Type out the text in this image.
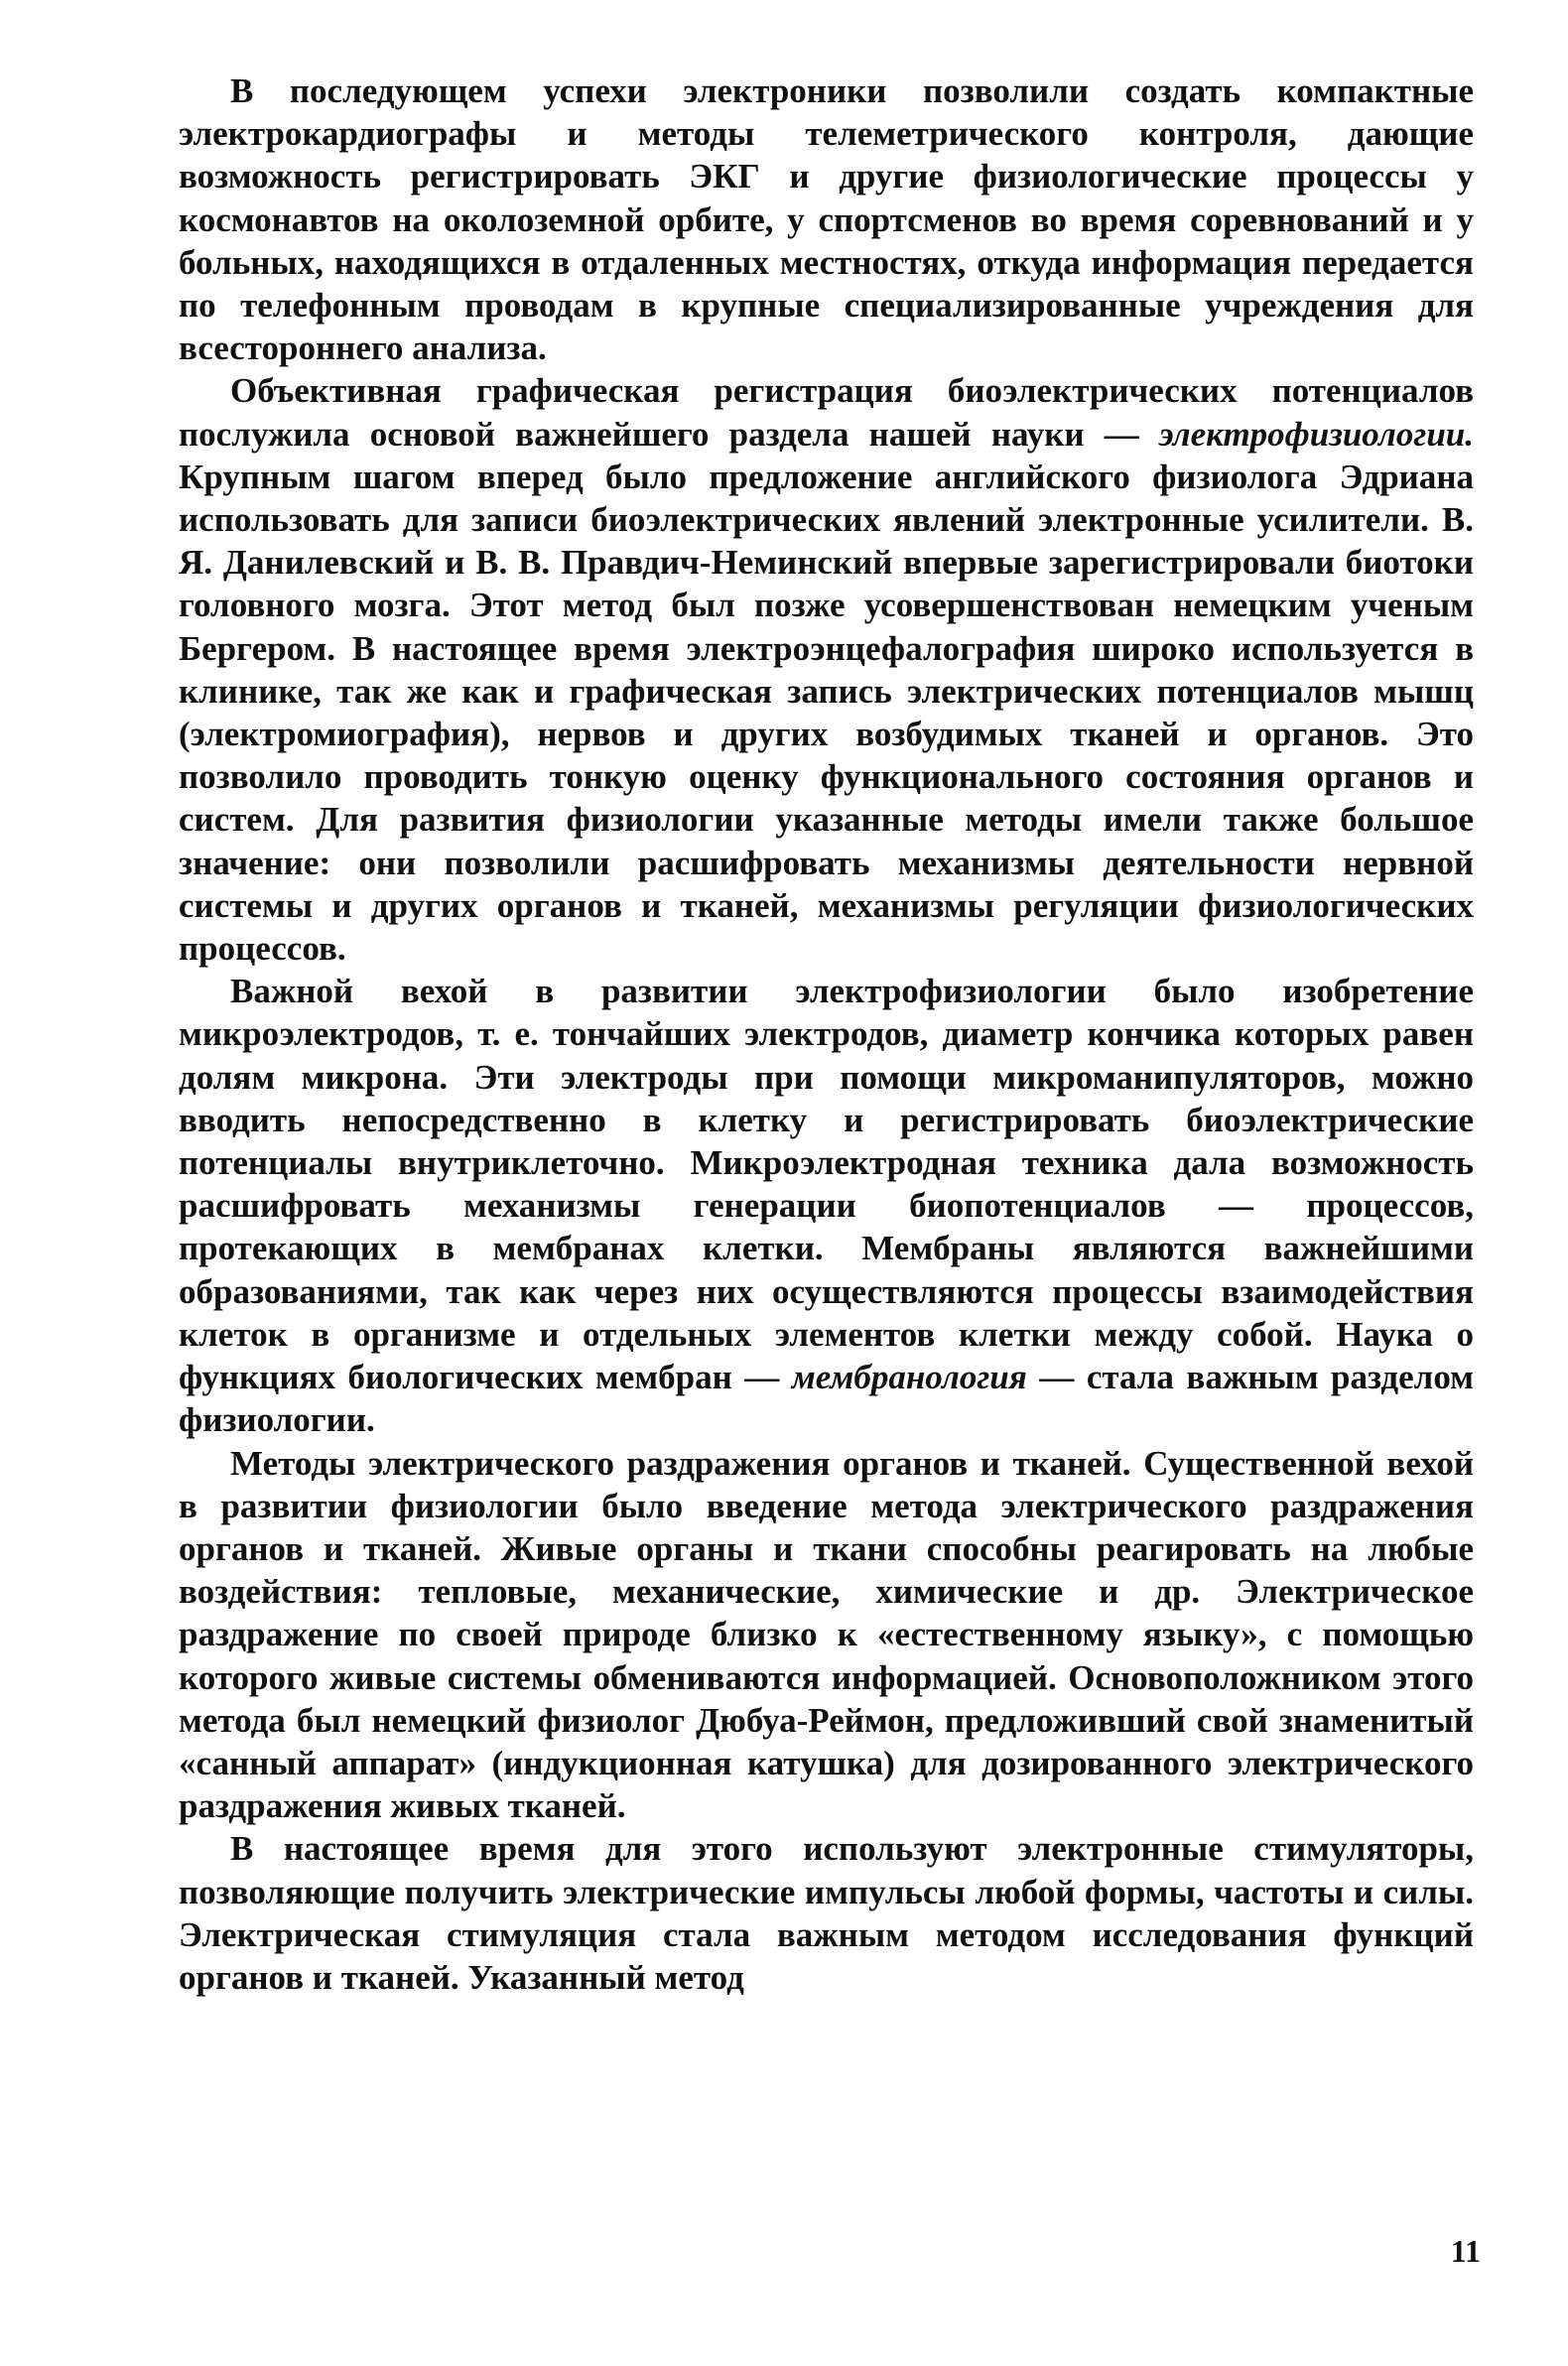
В последующем успехи электроники позволили создать компактные электрокардиографы и методы телеметрического контроля, дающие возможность регистрировать ЭКГ и другие физиологические процессы у космонавтов на околоземной орбите, у спортсменов во время соревнований и у больных, находящихся в отдаленных местностях, откуда информация передается по телефонным проводам в крупные специализированные учреждения для всестороннего анализа.

Объективная графическая регистрация биоэлектрических потенциалов послужила основой важнейшего раздела нашей науки — электрофизиологии. Крупным шагом вперед было предложение английского физиолога Эдриана использовать для записи биоэлектрических явлений электронные усилители. В. Я. Данилевский и В. В. Правдич-Неминский впервые зарегистрировали биотоки головного мозга. Этот метод был позже усовершенствован немецким ученым Бергером. В настоящее время электроэнцефалография широко используется в клинике, так же как и графическая запись электрических потенциалов мышц (электромиография), нервов и других возбудимых тканей и органов. Это позволило проводить тонкую оценку функционального состояния органов и систем. Для развития физиологии указанные методы имели также большое значение: они позволили расшифровать механизмы деятельности нервной системы и других органов и тканей, механизмы регуляции физиологических процессов.

Важной вехой в развитии электрофизиологии было изобретение микроэлектродов, т. е. тончайших электродов, диаметр кончика которых равен долям микрона. Эти электроды при помощи микроманипуляторов, можно вводить непосредственно в клетку и регистрировать биоэлектрические потенциалы внутриклеточно. Микроэлектродная техника дала возможность расшифровать механизмы генерации биопотенциалов — процессов, протекающих в мембранах клетки. Мембраны являются важнейшими образованиями, так как через них осуществляются процессы взаимодействия клеток в организме и отдельных элементов клетки между собой. Наука о функциях биологических мембран — мембранология — стала важным разделом физиологии.

Методы электрического раздражения органов и тканей. Существенной вехой в развитии физиологии было введение метода электрического раздражения органов и тканей. Живые органы и ткани способны реагировать на любые воздействия: тепловые, механические, химические и др. Электрическое раздражение по своей природе близко к «естественному языку», с помощью которого живые системы обмениваются информацией. Основоположником этого метода был немецкий физиолог Дюбуа-Реймон, предложивший свой знаменитый «санный аппарат» (индукционная катушка) для дозированного электрического раздражения живых тканей.

В настоящее время для этого используют электронные стимуляторы, позволяющие получить электрические импульсы любой формы, частоты и силы. Электрическая стимуляция стала важным методом исследования функций органов и тканей. Указанный метод

11
